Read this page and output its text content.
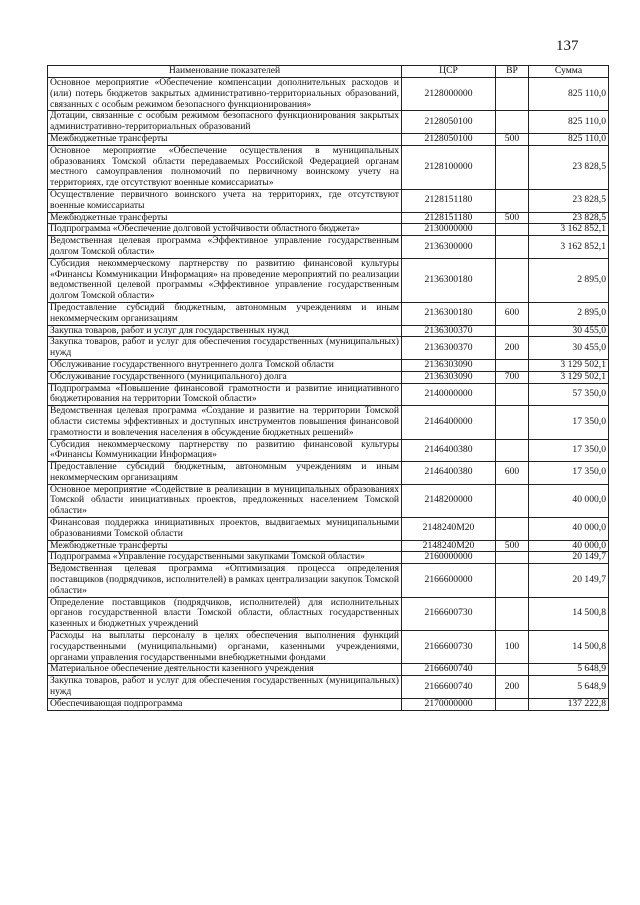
137
Наименование показателей	ЦСР	ВР	Сумма
Основное мероприятие «Обеспечение компенсации дополнительных расходов и (или) потерь бюджетов закрытых административно-территориальных образований, связанных с особым режимом безопасного функционирования»	2128000000		825 110,0
Дотации, связанные с особым режимом безопасного функционирования закрытых административно-территориальных образований	2128050100		825 110,0
Межбюджетные трансферты	2128050100	500	825 110,0
Основное мероприятие «Обеспечение осуществления в муниципальных образованиях Томской области передаваемых Российской Федерацией органам местного самоуправления полномочий по первичному воинскому учету на территориях, где отсутствуют военные комиссариаты»	2128100000		23 828,5
Осуществление первичного воинского учета на территориях, где отсутствуют военные комиссариаты	2128151180		23 828,5
Межбюджетные трансферты	2128151180	500	23 828,5
Подпрограмма «Обеспечение долговой устойчивости областного бюджета»	2130000000		3 162 852,1
Ведомственная целевая программа «Эффективное управление государственным долгом Томской области»	2136300000		3 162 852,1
Субсидия некоммерческому партнерству по развитию финансовой культуры «Финансы Коммуникации Информация» на проведение мероприятий по реализации ведомственной целевой программы «Эффективное управление государственным долгом Томской области»	2136300180		2 895,0
Предоставление субсидий бюджетным, автономным учреждениям и иным некоммерческим организациям	2136300180	600	2 895,0
Закупка товаров, работ и услуг для государственных нужд	2136300370		30 455,0
Закупка товаров, работ и услуг для обеспечения государственных (муниципальных) нужд	2136300370	200	30 455,0
Обслуживание государственного внутреннего долга Томской области	2136303090		3 129 502,1
Обслуживание государственного (муниципального) долга	2136303090	700	3 129 502,1
Подпрограмма «Повышение финансовой грамотности и развитие инициативного бюджетирования на территории Томской области»	2140000000		57 350,0
Ведомственная целевая программа «Создание и развитие на территории Томской области системы эффективных и доступных инструментов повышения финансовой грамотности и вовлечения населения в обсуждение бюджетных решений»	2146400000		17 350,0
Субсидия некоммерческому партнерству по развитию финансовой культуры «Финансы Коммуникации Информация»	2146400380		17 350,0
Предоставление субсидий бюджетным, автономным учреждениям и иным некоммерческим организациям	2146400380	600	17 350,0
Основное мероприятие «Содействие в реализации в муниципальных образованиях Томской области инициативных проектов, предложенных населением Томской области»	2148200000		40 000,0
Финансовая поддержка инициативных проектов, выдвигаемых муниципальными образованиями Томской области	2148240М20		40 000,0
Межбюджетные трансферты	2148240М20	500	40 000,0
Подпрограмма «Управление государственными закупками Томской области»	2160000000		20 149,7
Ведомственная целевая программа «Оптимизация процесса определения поставщиков (подрядчиков, исполнителей) в рамках централизации закупок Томской области»	2166600000		20 149,7
Определение поставщиков (подрядчиков, исполнителей) для исполнительных органов государственной власти Томской области, областных государственных казенных и бюджетных учреждений	2166600730		14 500,8
Расходы на выплаты персоналу в целях обеспечения выполнения функций государственными (муниципальными) органами, казенными учреждениями, органами управления государственными внебюджетными фондами	2166600730	100	14 500,8
Материальное обеспечение деятельности казенного учреждения	2166600740		5 648,9
Закупка товаров, работ и услуг для обеспечения государственных (муниципальных) нужд	2166600740	200	5 648,9
Обеспечивающая подпрограмма	2170000000		137 222,8
